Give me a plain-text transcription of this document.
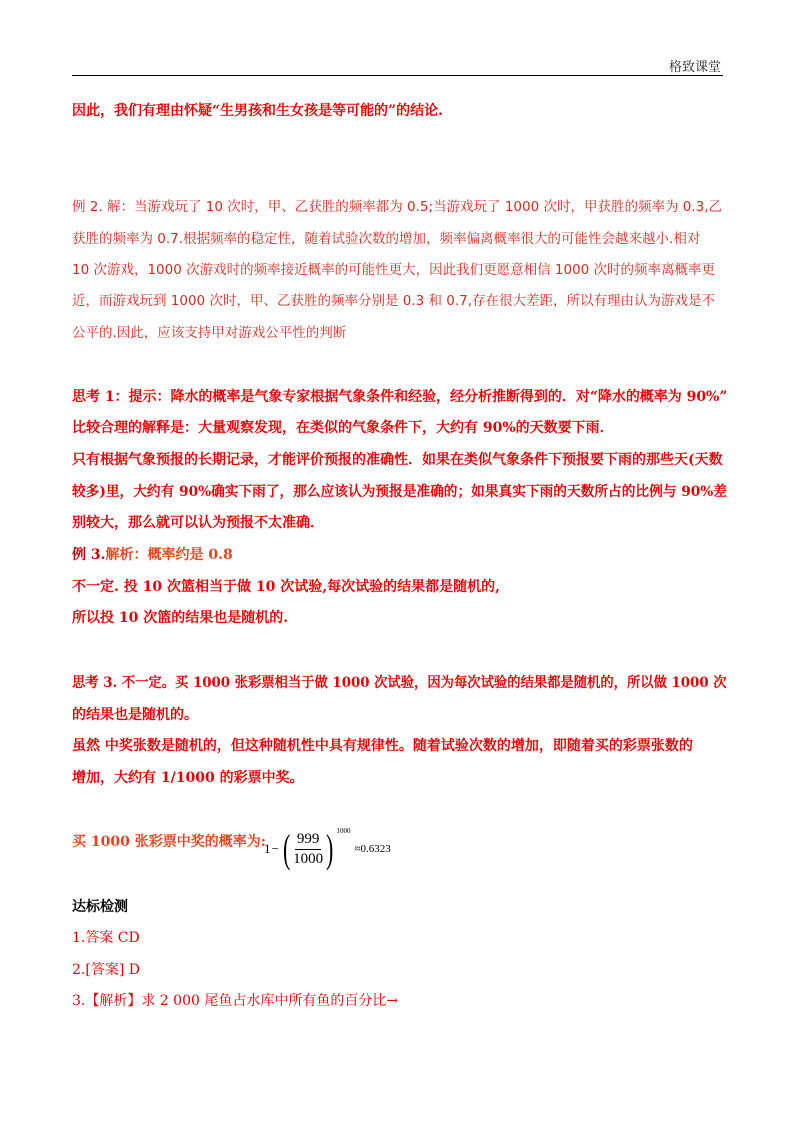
格致课堂

因此，我们有理由怀疑“生男孩和生女孩是等可能的”的结论.

例 2. 解：当游戏玩了 10 次时，甲、乙获胜的频率都为 0.5;当游戏玩了 1000 次时，甲获胜的频率为 0.3,乙

获胜的频率为 0.7.根据频率的稳定性，随着试验次数的增加，频率偏离概率很大的可能性会越来越小.相对

10 次游戏，1000 次游戏时的频率接近概率的可能性更大，因此我们更愿意相信 1000 次时的频率离概率更

近，而游戏玩到 1000 次时，甲、乙获胜的频率分别是 0.3 和 0.7,存在很大差距，所以有理由认为游戏是不

公平的.因此，应该支持甲对游戏公平性的判断

思考 1：提示：降水的概率是气象专家根据气象条件和经验，经分析推断得到的．对“降水的概率为 90%”

比较合理的解释是：大量观察发现，在类似的气象条件下，大约有 90%的天数要下雨．

只有根据气象预报的长期记录，才能评价预报的准确性．如果在类似气象条件下预报要下雨的那些天(天数

较多)里，大约有 90%确实下雨了，那么应该认为预报是准确的；如果真实下雨的天数所占的比例与 90%差

别较大，那么就可以认为预报不太准确．

例 3.解析：概率约是 0.8

不一定. 投 10 次篮相当于做 10 次试验,每次试验的结果都是随机的,

所以投 10 次篮的结果也是随机的.

思考 3. 不一定。买 1000 张彩票相当于做 1000 次试验，因为每次试验的结果都是随机的，所以做 1000 次

的结果也是随机的。

虽然 中奖张数是随机的，但这种随机性中具有规律性。随着试验次数的增加，即随着买的彩票张数的

增加，大约有 1/1000 的彩票中奖。

买 1000 张彩票中奖的概率为:

1 − ( $\frac{999}{1000}$ ) 1000
≈0.6323

达标检测

1.答案 CD

2.[答案] D

3.【解析】求 2 000 尾鱼占水库中所有鱼的百分比→
